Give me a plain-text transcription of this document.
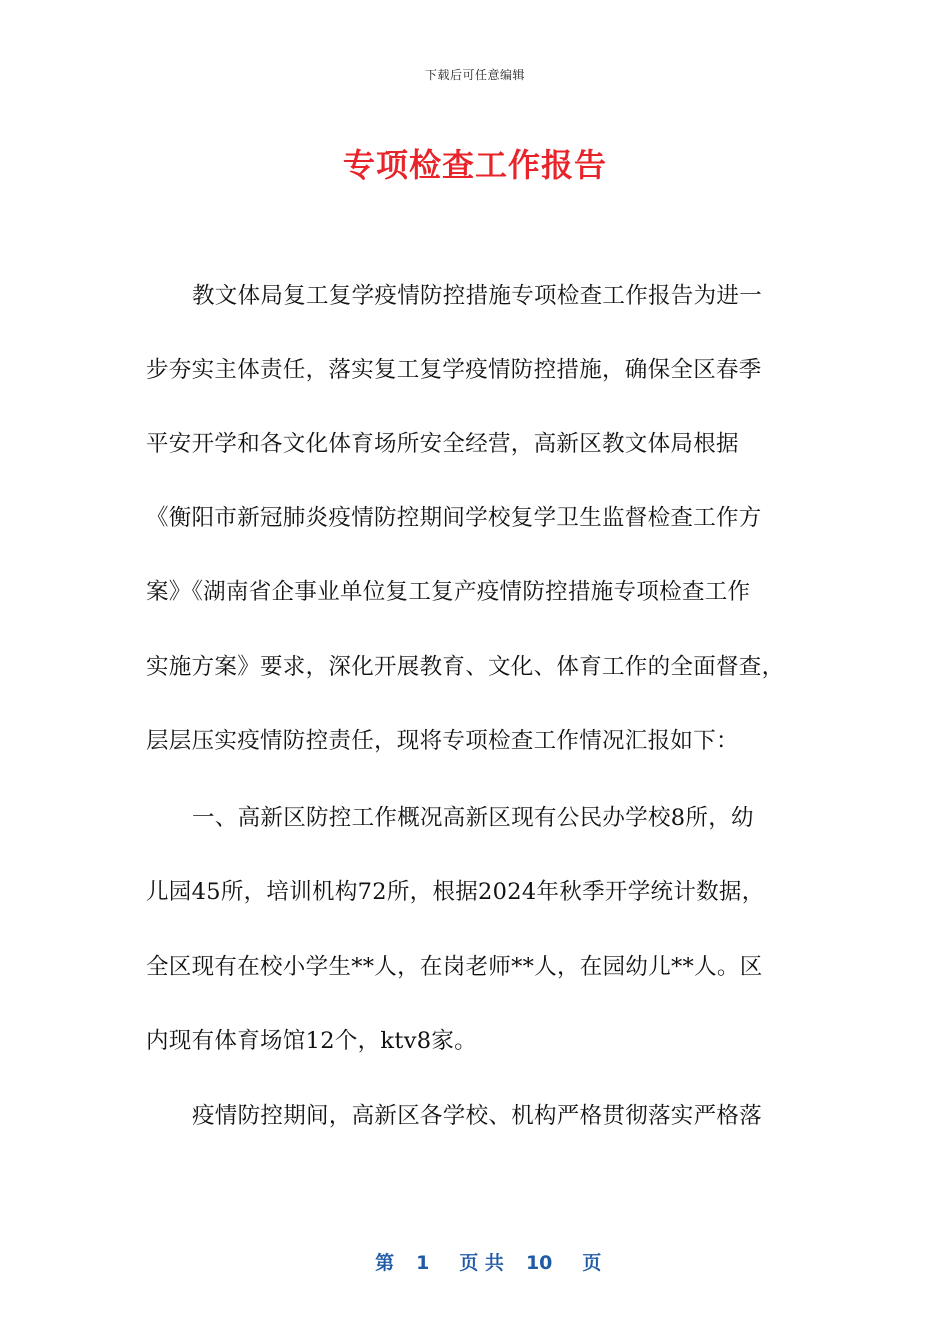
下载后可任意编辑
专项检查工作报告
教文体局复工复学疫情防控措施专项检查工作报告为进一
步夯实主体责任，落实复工复学疫情防控措施，确保全区春季
平安开学和各文化体育场所安全经营，高新区教文体局根据
《衡阳市新冠肺炎疫情防控期间学校复学卫生监督检查工作方
案》《湖南省企事业单位复工复产疫情防控措施专项检查工作
实施方案》要求，深化开展教育、文化、体育工作的全面督查，
层层压实疫情防控责任，现将专项检查工作情况汇报如下：
一、高新区防控工作概况高新区现有公民办学校8所，幼
儿园45所，培训机构72所，根据2024年秋季开学统计数据，
全区现有在校小学生**人，在岗老师**人，在园幼儿**人。区
内现有体育场馆12个，ktv8家。
疫情防控期间，高新区各学校、机构严格贯彻落实严格落

第 1 页 共 10 页
